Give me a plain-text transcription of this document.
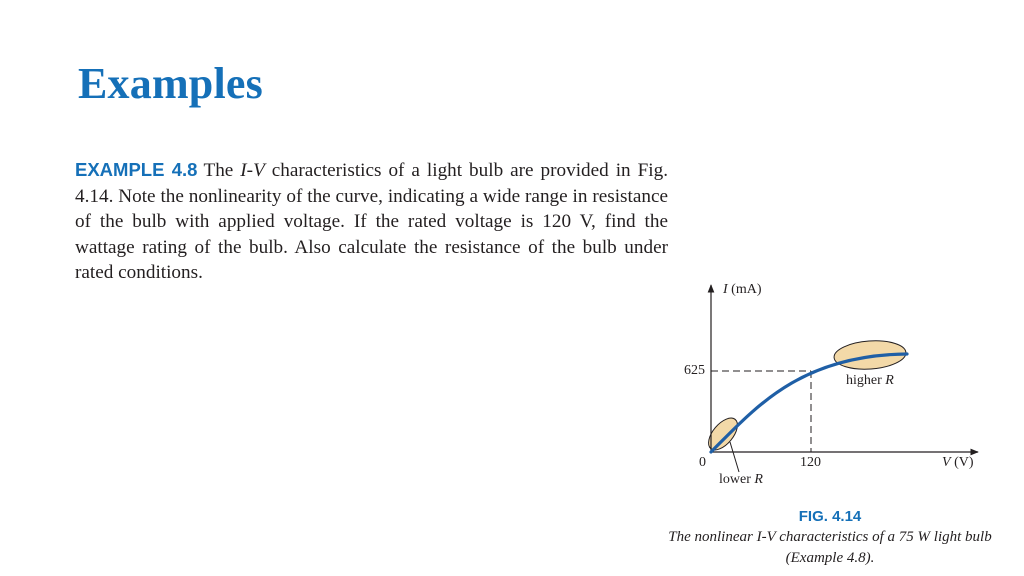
Examples
EXAMPLE 4.8 The I-V characteristics of a light bulb are provided in Fig. 4.14. Note the nonlinearity of the curve, indicating a wide range in resistance of the bulb with applied voltage. If the rated voltage is 120 V, find the wattage rating of the bulb. Also calculate the resistance of the bulb under rated conditions.
I (mA)
625
0	120	V (V)
higher R
lower R
FIG. 4.14
The nonlinear I-V characteristics of a 75 W light bulb (Example 4.8).
